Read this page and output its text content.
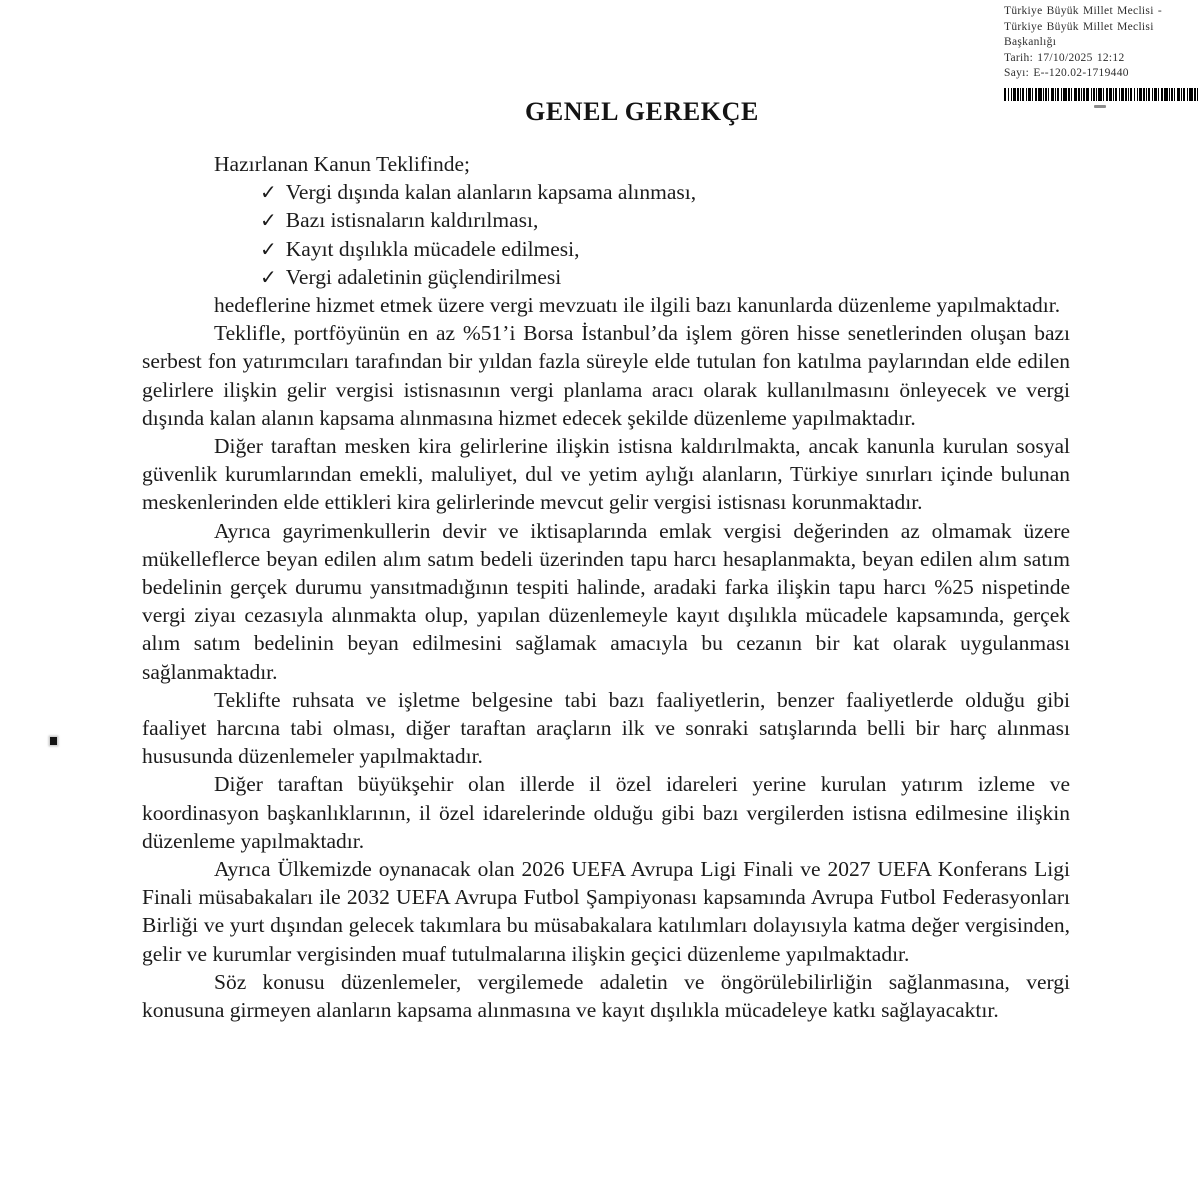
Türkiye Büyük Millet Meclisi -
Türkiye Büyük Millet Meclisi
Başkanlığı
Tarih: 17/10/2025 12:12
Sayı: E--120.02-1719440
GENEL GEREKÇE

Hazırlanan Kanun Teklifinde;

✓ Vergi dışında kalan alanların kapsama alınması,
✓ Bazı istisnaların kaldırılması,
✓ Kayıt dışılıkla mücadele edilmesi,
✓ Vergi adaletinin güçlendirilmesi

hedeflerine hizmet etmek üzere vergi mevzuatı ile ilgili bazı kanunlarda düzenleme yapılmaktadır.

Teklifle, portföyünün en az %51’i Borsa İstanbul’da işlem gören hisse senetlerinden oluşan bazı serbest fon yatırımcıları tarafından bir yıldan fazla süreyle elde tutulan fon katılma paylarından elde edilen gelirlere ilişkin gelir vergisi istisnasının vergi planlama aracı olarak kullanılmasını önleyecek ve vergi dışında kalan alanın kapsama alınmasına hizmet edecek şekilde düzenleme yapılmaktadır.

Diğer taraftan mesken kira gelirlerine ilişkin istisna kaldırılmakta, ancak kanunla kurulan sosyal güvenlik kurumlarından emekli, maluliyet, dul ve yetim aylığı alanların, Türkiye sınırları içinde bulunan meskenlerinden elde ettikleri kira gelirlerinde mevcut gelir vergisi istisnası korunmaktadır.

Ayrıca gayrimenkullerin devir ve iktisaplarında emlak vergisi değerinden az olmamak üzere mükelleflerce beyan edilen alım satım bedeli üzerinden tapu harcı hesaplanmakta, beyan edilen alım satım bedelinin gerçek durumu yansıtmadığının tespiti halinde, aradaki farka ilişkin tapu harcı %25 nispetinde vergi ziyaı cezasıyla alınmakta olup, yapılan düzenlemeyle kayıt dışılıkla mücadele kapsamında, gerçek alım satım bedelinin beyan edilmesini sağlamak amacıyla bu cezanın bir kat olarak uygulanması sağlanmaktadır.

Teklifte ruhsata ve işletme belgesine tabi bazı faaliyetlerin, benzer faaliyetlerde olduğu gibi faaliyet harcına tabi olması, diğer taraftan araçların ilk ve sonraki satışlarında belli bir harç alınması hususunda düzenlemeler yapılmaktadır.

Diğer taraftan büyükşehir olan illerde il özel idareleri yerine kurulan yatırım izleme ve koordinasyon başkanlıklarının, il özel idarelerinde olduğu gibi bazı vergilerden istisna edilmesine ilişkin düzenleme yapılmaktadır.

Ayrıca Ülkemizde oynanacak olan 2026 UEFA Avrupa Ligi Finali ve 2027 UEFA Konferans Ligi Finali müsabakaları ile 2032 UEFA Avrupa Futbol Şampiyonası kapsamında Avrupa Futbol Federasyonları Birliği ve yurt dışından gelecek takımlara bu müsabakalara katılımları dolayısıyla katma değer vergisinden, gelir ve kurumlar vergisinden muaf tutulmalarına ilişkin geçici düzenleme yapılmaktadır.

Söz konusu düzenlemeler, vergilemede adaletin ve öngörülebilirliğin sağlanmasına, vergi konusuna girmeyen alanların kapsama alınmasına ve kayıt dışılıkla mücadeleye katkı sağlayacaktır.
